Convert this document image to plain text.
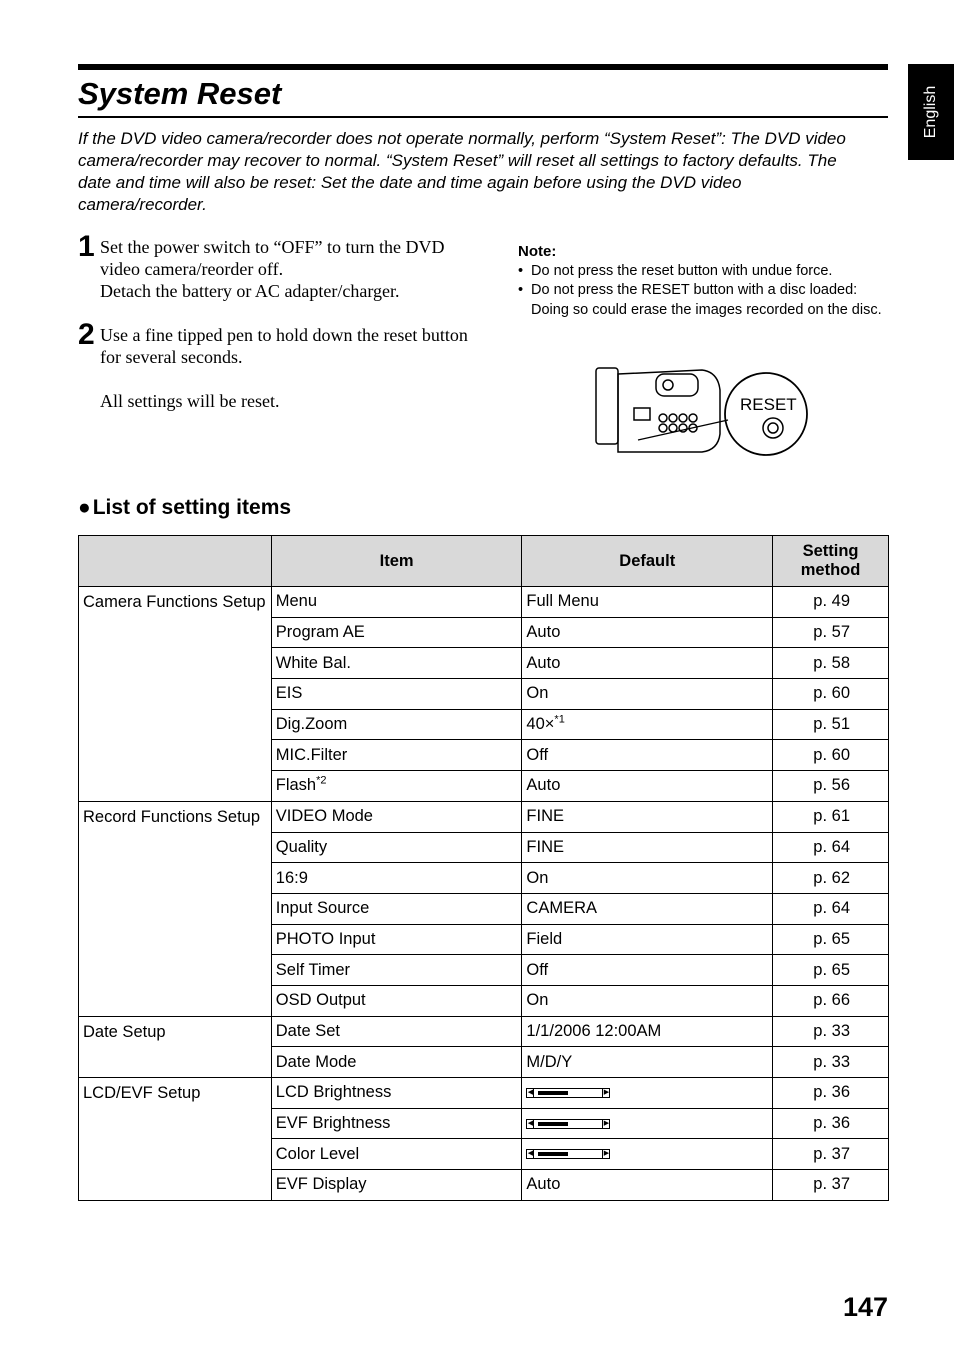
System Reset	English

If the DVD video camera/recorder does not operate normally, perform “System Reset”: The DVD video camera/recorder may recover to normal. “System Reset” will reset all settings to factory defaults. The date and time will also be reset: Set the date and time again before using the DVD video camera/recorder.

1 Set the power switch to “OFF” to turn the DVD video camera/reorder off.

Detach the battery or AC adapter/charger.

2 Use a fine tipped pen to hold down the reset button for several seconds.

All settings will be reset.

Note:
• Do not press the reset button with undue force.
• Do not press the RESET button with a disc loaded: Doing so could erase the images recorded on the disc.
RESET
●List of setting items
	Item	Default	Setting method
Camera Functions Setup	Menu	Full Menu	p. 49
	Program AE	Auto	p. 57
	White Bal.	Auto	p. 58
	EIS	On	p. 60
	Dig.Zoom	40×$^{*1}$	p. 51
	MIC.Filter	Off	p. 60
	Flash$^{*2}$	Auto	p. 56
Record Functions Setup	VIDEO Mode	FINE	p. 61
	Quality	FINE	p. 64
	16:9	On	p. 62
	Input Source	CAMERA	p. 64
	PHOTO Input	Field	p. 65
	Self Timer	Off	p. 65
	OSD Output	On	p. 66
Date Setup	Date Set	1/1/2006 12:00AM	p. 33
	Date Mode	M/D/Y	p. 33
LCD/EVF Setup	LCD Brightness	◀ ▶	p. 36
	EVF Brightness	◀ ▶	p. 36
	Color Level	◀ ▶	p. 37
	EVF Display	Auto	p. 37
147
